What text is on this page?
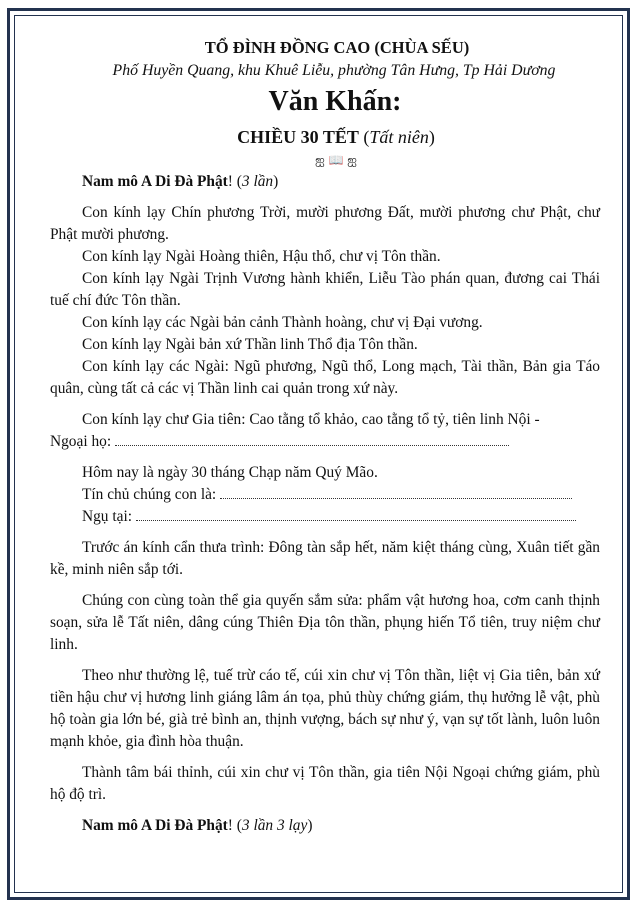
TỔ ĐÌNH ĐỒNG CAO (CHÙA SẾU)
Phố Huyền Quang, khu Khuê Liễu, phường Tân Hưng, Tp Hải Dương
Văn Khấn:
CHIỀU 30 TẾT (Tất niên)
ஐ 📖 ஐ

Nam mô A Di Đà Phật! (3 lần)

Con kính lạy Chín phương Trời, mười phương Đất, mười phương chư Phật, chư Phật mười phương.

Con kính lạy Ngài Hoàng thiên, Hậu thổ, chư vị Tôn thần.

Con kính lạy Ngài Trịnh Vương hành khiển, Liễu Tào phán quan, đương cai Thái tuế chí đức Tôn thần.

Con kính lạy các Ngài bản cảnh Thành hoàng, chư vị Đại vương.

Con kính lạy Ngài bản xứ Thần linh Thổ địa Tôn thần.

Con kính lạy các Ngài: Ngũ phương, Ngũ thổ, Long mạch, Tài thần, Bản gia Táo quân, cùng tất cả các vị Thần linh cai quản trong xứ này.

Con kính lạy chư Gia tiên: Cao tằng tổ khảo, cao tằng tổ tỷ, tiên linh Nội -

Ngoại họ:

Hôm nay là ngày 30 tháng Chạp năm Quý Mão.

Tín chủ chúng con là:

Ngụ tại:

Trước án kính cẩn thưa trình: Đông tàn sắp hết, năm kiệt tháng cùng, Xuân tiết gần kề, minh niên sắp tới.

Chúng con cùng toàn thể gia quyến sắm sửa: phẩm vật hương hoa, cơm canh thịnh soạn, sửa lễ Tất niên, dâng cúng Thiên Địa tôn thần, phụng hiến Tổ tiên, truy niệm chư linh.

Theo như thường lệ, tuế trừ cáo tế, cúi xin chư vị Tôn thần, liệt vị Gia tiên, bản xứ tiền hậu chư vị hương linh giáng lâm án tọa, phủ thùy chứng giám, thụ hưởng lễ vật, phù hộ toàn gia lớn bé, già trẻ bình an, thịnh vượng, bách sự như ý, vạn sự tốt lành, luôn luôn mạnh khỏe, gia đình hòa thuận.

Thành tâm bái thỉnh, cúi xin chư vị Tôn thần, gia tiên Nội Ngoại chứng giám, phù hộ độ trì.

Nam mô A Di Đà Phật! (3 lần 3 lạy)
